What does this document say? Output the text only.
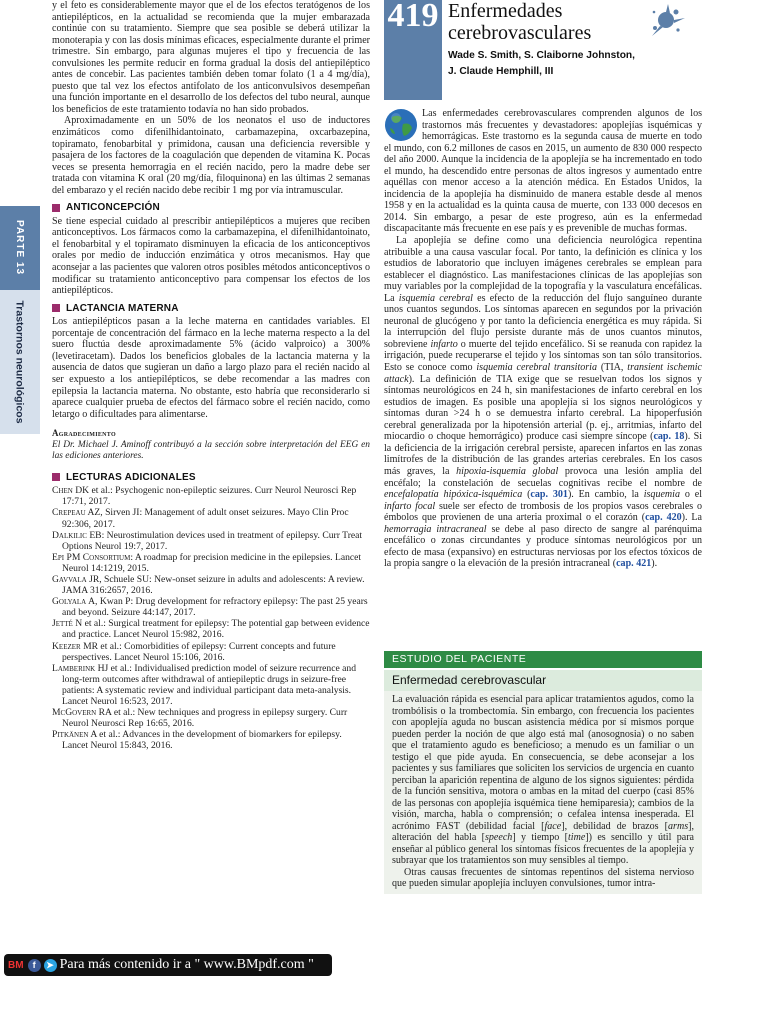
y el feto es considerablemente mayor que el de los efectos teratógenos de los antiepilépticos, en la actualidad se recomienda que la mujer embarazada continúe con su tratamiento. Siempre que sea posible se deberá utilizar la monoterapia y con las dosis mínimas eficaces, especialmente durante el primer trimestre. Sin embargo, para algunas mujeres el tipo y frecuencia de las convulsiones les permite reducir en forma gradual la dosis del antiepiléptico antes de concebir. Las pacientes también deben tomar folato (1 a 4 mg/día), puesto que tal vez los efectos antifolato de los anticonvulsivos desempeñan una función importante en el desarrollo de los defectos del tubo neural, aunque los beneficios de este tratamiento todavía no han sido probados.

Aproximadamente en un 50% de los neonatos el uso de inductores enzimáticos como difenilhidantoinato, carbamazepina, oxcarbazepina, topiramato, fenobarbital y primidona, causan una deficiencia reversible y pasajera de los factores de la coagulación que dependen de vitamina K. Pocas veces se presenta hemorragia en el recién nacido, pero la madre debe ser tratada con vitamina K oral (20 mg/día, filoquinona) en las últimas 2 semanas del embarazo y el recién nacido debe recibir 1 mg por vía intramuscular.

ANTICONCEPCIÓN

Se tiene especial cuidado al prescribir antiepilépticos a mujeres que reciben anticonceptivos. Los fármacos como la carbamazepina, el difenilhidantoinato, el fenobarbital y el topiramato disminuyen la eficacia de los anticonceptivos orales por medio de inducción enzimática y otros mecanismos. Hay que aconsejar a las pacientes que valoren otros posibles métodos anticonceptivos o modificar su tratamiento anticonceptivo para compensar los efectos de los antiepilépticos.

LACTANCIA MATERNA

Los antiepilépticos pasan a la leche materna en cantidades variables. El porcentaje de concentración del fármaco en la leche materna respecto a la del suero fluctúa desde aproximadamente 5% (ácido valproico) a 300% (levetiracetam). Dados los beneficios globales de la lactancia materna y la ausencia de datos que sugieran un daño a largo plazo para el recién nacido al ser expuesto a los antiepilépticos, se debe recomendar a las madres con epilepsia la lactancia materna. No obstante, esto habría que reconsiderarlo si aparece cualquier prueba de efectos del fármaco sobre el recién nacido, como letargo o dificultades para alimentarse.

Agradecimiento

El Dr. Michael J. Aminoff contribuyó a la sección sobre interpretación del EEG en las ediciones anteriores.

LECTURAS ADICIONALES
Chen DK et al.: Psychogenic non-epileptic seizures. Curr Neurol Neurosci Rep 17:71, 2017.
Crepeau AZ, Sirven JI: Management of adult onset seizures. Mayo Clin Proc 92:306, 2017.
Dalkilic EB: Neurostimulation devices used in treatment of epilepsy. Curr Treat Options Neurol 19:7, 2017.
Epi PM Consortium: A roadmap for precision medicine in the epilepsies. Lancet Neurol 14:1219, 2015.
Gavvala JR, Schuele SU: New-onset seizure in adults and adolescents: A review. JAMA 316:2657, 2016.
Golyala A, Kwan P: Drug development for refractory epilepsy: The past 25 years and beyond. Seizure 44:147, 2017.
Jetté N et al.: Surgical treatment for epilepsy: The potential gap between evidence and practice. Lancet Neurol 15:982, 2016.
Keezer MR et al.: Comorbidities of epilepsy: Current concepts and future perspectives. Lancet Neurol 15:106, 2016.
Lamberink HJ et al.: Individualised prediction model of seizure recurrence and long-term outcomes after withdrawal of antiepileptic drugs in seizure-free patients: A systematic review and individual participant data meta-analysis. Lancet Neurol 16:523, 2017.
McGovern RA et al.: New techniques and progress in epilepsy surgery. Curr Neurol Neurosci Rep 16:65, 2016.
Pitkänen A et al.: Advances in the development of biomarkers for epilepsy. Lancet Neurol 15:843, 2016.
PARTE 13
Trastornos neurológicos
419 Enfermedades
cerebrovasculares
Wade S. Smith, S. Claiborne Johnston,
J. Claude Hemphill, III

Las enfermedades cerebrovasculares comprenden algunos de los trastornos más frecuentes y devastadores: apoplejías isquémicas y hemorrágicas. Este trastorno es la segunda causa de muerte en todo el mundo, con 6.2 millones de casos en 2015, un aumento de 830 000 respecto del año 2000. Aunque la incidencia de la apoplejía se ha incrementado en todo el mundo, ha descendido entre personas de altos ingresos y aumentado entre aquéllas con menor acceso a la atención médica. En Estados Unidos, la incidencia de la apoplejía ha disminuido de manera estable desde al menos 1958 y en la actualidad es la quinta causa de muerte, con 133 000 decesos en 2014. Sin embargo, a pesar de este progreso, aún es la enfermedad discapacitante más frecuente en ese país y es prevenible de muchas formas.

La apoplejía se define como una deficiencia neurológica repentina atribuible a una causa vascular focal. Por tanto, la definición es clínica y los estudios de laboratorio que incluyen imágenes cerebrales se emplean para establecer el diagnóstico. Las manifestaciones clínicas de las apoplejías son muy variables por la complejidad de la topografía y la vasculatura encefálicas. La isquemia cerebral es efecto de la reducción del flujo sanguíneo durante unos cuantos segundos. Los síntomas aparecen en segundos por la privación neuronal de glucógeno y por tanto la deficiencia energética es muy rápida. Si la interrupción del flujo persiste durante más de unos cuantos minutos, sobreviene infarto o muerte del tejido encefálico. Si se reanuda con rapidez la irrigación, puede recuperarse el tejido y los síntomas son tan sólo transitorios. Esto se conoce como isquemia cerebral transitoria (TIA, transient ischemic attack). La definición de TIA exige que se resuelvan todos los signos y síntomas neurológicos en 24 h, sin manifestaciones de infarto cerebral en los estudios de imagen. Es posible una apoplejía si los signos neurológicos y síntomas duran >24 h o se demuestra infarto cerebral. La hipoperfusión cerebral generalizada por la hipotensión arterial (p. ej., arritmias, infarto del miocardio o choque hemorrágico) produce casi siempre síncope (cap. 18). Si la deficiencia de la irrigación cerebral persiste, aparecen infartos en las zonas limítrofes de la distribución de las grandes arterias cerebrales. En los casos más graves, la hipoxia-isquemia global provoca una lesión amplia del encéfalo; la constelación de secuelas cognitivas recibe el nombre de encefalopatía hipóxica-isquémica (cap. 301). En cambio, la isquemia o el infarto focal suele ser efecto de trombosis de los propios vasos cerebrales o émbolos que provienen de una arteria proximal o el corazón (cap. 420). La hemorragia intracraneal se debe al paso directo de sangre al parénquima encefálico o zonas circundantes y produce síntomas neurológicos por un efecto de masa (expansivo) en estructuras nerviosas por los efectos tóxicos de la propia sangre o la elevación de la presión intracraneal (cap. 421).

ESTUDIO DEL PACIENTE
Enfermedad cerebrovascular

La evaluación rápida es esencial para aplicar tratamientos agudos, como la trombólisis o la trombectomía. Sin embargo, con frecuencia los pacientes con apoplejía aguda no buscan asistencia médica por sí mismos porque pueden perder la noción de que algo está mal (anosognosia) o no saben que el tratamiento agudo es beneficioso; a menudo es un familiar o un testigo el que pide ayuda. En consecuencia, se debe aconsejar a los pacientes y sus familiares que soliciten los servicios de urgencia en cuanto perciban la aparición repentina de alguno de los signos siguientes: pérdida de la función sensitiva, motora o ambas en la mitad del cuerpo (casi 85% de las personas con apoplejía isquémica tiene hemiparesia); cambios de la visión, marcha, habla o comprensión; o cefalea intensa inesperada. El acrónimo FAST (debilidad facial [face], debilidad de brazos [arms], alteración del habla [speech] y tiempo [time]) es sencillo y útil para enseñar al público general los síntomas físicos frecuentes de la apoplejía y subrayar que los tratamientos son muy sensibles al tiempo.

Otras causas frecuentes de síntomas repentinos del sistema nervioso que pueden simular apoplejía incluyen convulsiones, tumor intra-

BM	f	➤ Para más contenido ir a " www.BMpdf.com "
